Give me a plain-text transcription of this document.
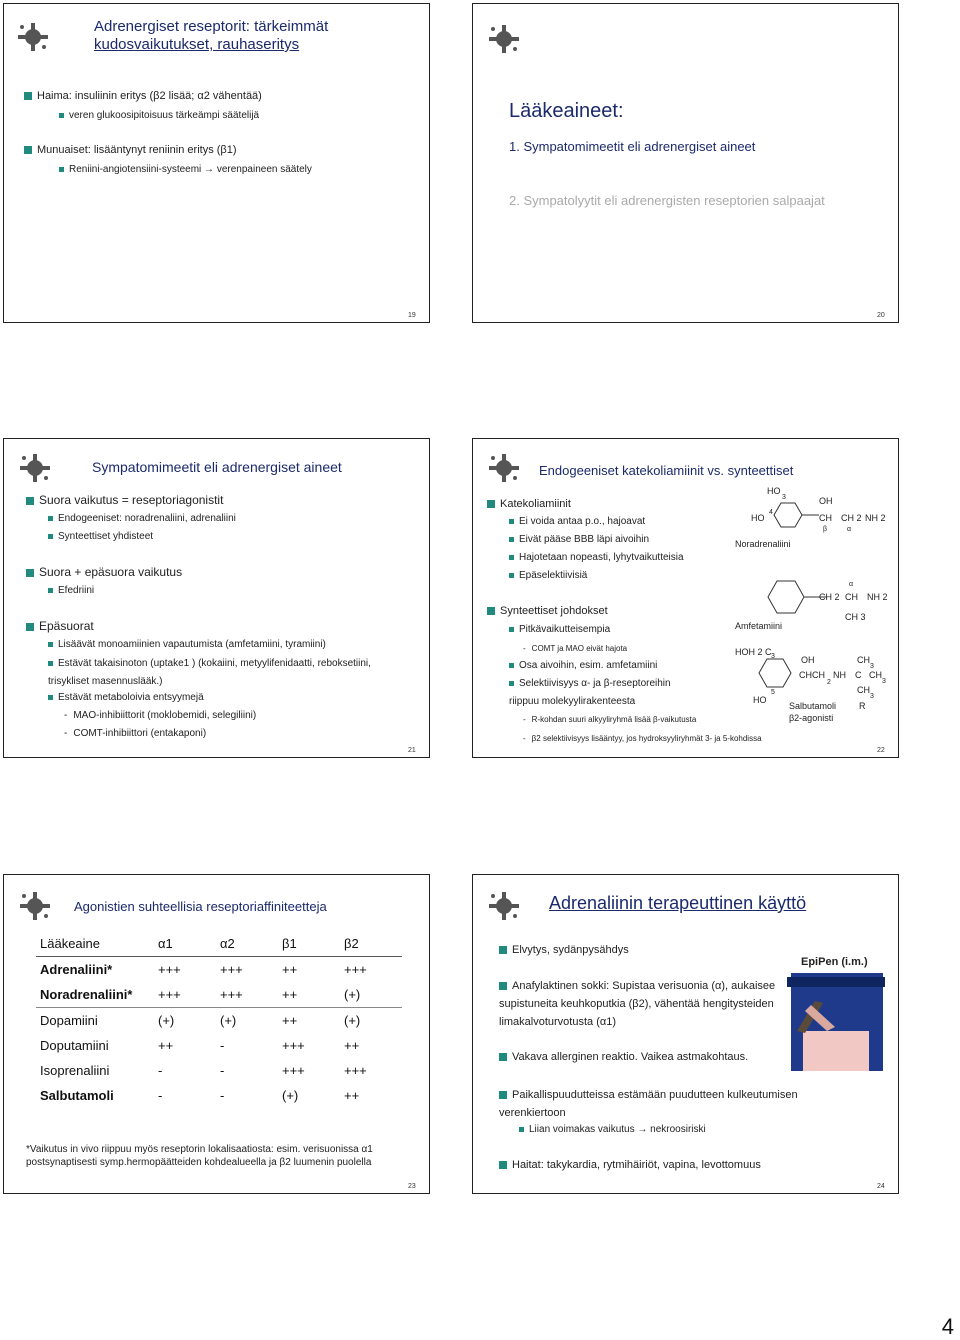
Adrenergiset reseptorit: tärkeimmät
kudosvaikutukset, rauhaseritys
Haima: insuliinin eritys (β2 lisää; α2 vähentää)
veren glukoosipitoisuus tärkeämpi säätelijä
Munuaiset: lisääntynyt reniinin eritys (β1)
Reniini-angiotensiini-systeemi → verenpaineen säätely
19
Lääkeaineet:
1. Sympatomimeetit eli adrenergiset aineet
2. Sympatolyytit eli adrenergisten reseptorien salpaajat
20
Sympatomimeetit eli adrenergiset aineet
Suora vaikutus = reseptoriagonistit
Endogeeniset: noradrenaliini, adrenaliini
Synteettiset yhdisteet
Suora + epäsuora vaikutus
Efedriini
Epäsuorat
Lisäävät monoamiinien vapautumista (amfetamiini, tyramiini)
Estävät takaisinoton (uptake1 ) (kokaiini, metyylifenidaatti, reboksetiini, trisykliset masennuslääk.)
Estävät metaboloivia entsyymejä
- MAO-inhibiittorit (moklobemidi, selegiliini)
- COMT-inhibiittori (entakaponi)
21
Endogeeniset katekoliamiinit vs. synteettiset
Katekoliamiinit
Ei voida antaa p.o., hajoavat
Eivät pääse BBB läpi aivoihin
Hajotetaan nopeasti, lyhytvaikutteisia
Epäselektiivisiä
Synteettiset johdokset
Pitkävaikutteisempia
- COMT ja MAO eivät hajota
Osa aivoihin, esim. amfetamiini
Selektiivisyys α- ja β-reseptoreihin
riippuu molekyylirakenteesta
- R-kohdan suuri alkyyliryhmä lisää β-vaikutusta
- β2 selektiivisyys lisääntyy, jos hydroksyyliryhmät 3- ja 5-kohdissa
HO
3
4
HO
OH
CH CH 2 NH 2
β	α
Noradrenaliini
α
CH 2 CH NH 2
CH 3
Amfetamiini
HOH 2 C 3	OH
CHCH NH
2
C
CH
3
CH
3
CH
3
R
5
HO
Salbutamoli
β2-agonisti
22
Agonistien suhteellisia reseptoriaffiniteetteja
Lääkeaine	α1	α2	β1	β2
Adrenaliini*	+++	+++	++	+++
Noradrenaliini*	+++	+++	++	(+)
Dopamiini	(+)	(+)	++	(+)
Doputamiini	++	-	+++	++
Isoprenaliini	-	-	+++	+++
Salbutamoli	-	-	(+)	++
*Vaikutus in vivo riippuu myös reseptorin lokalisaatiosta: esim. verisuonissa α1 postsynaptisesti symp.hermopäätteiden kohdealueella ja β2 luumenin puolella
23
Adrenaliinin terapeuttinen käyttö
Elvytys, sydänpysähdys
Anafylaktinen sokki: Supistaa verisuonia (α), aukaisee supistuneita keuhkoputkia (β2), vähentää hengitysteiden limakalvoturvotusta (α1)
Vakava allerginen reaktio. Vaikea astmakohtaus.
Paikallispuudutteissa estämään puudutteen kulkeutumisen verenkiertoon
Liian voimakas vaikutus → nekroosiriski
Haitat: takykardia, rytmihäiriöt, vapina, levottomuus
EpiPen (i.m.)
24
4
